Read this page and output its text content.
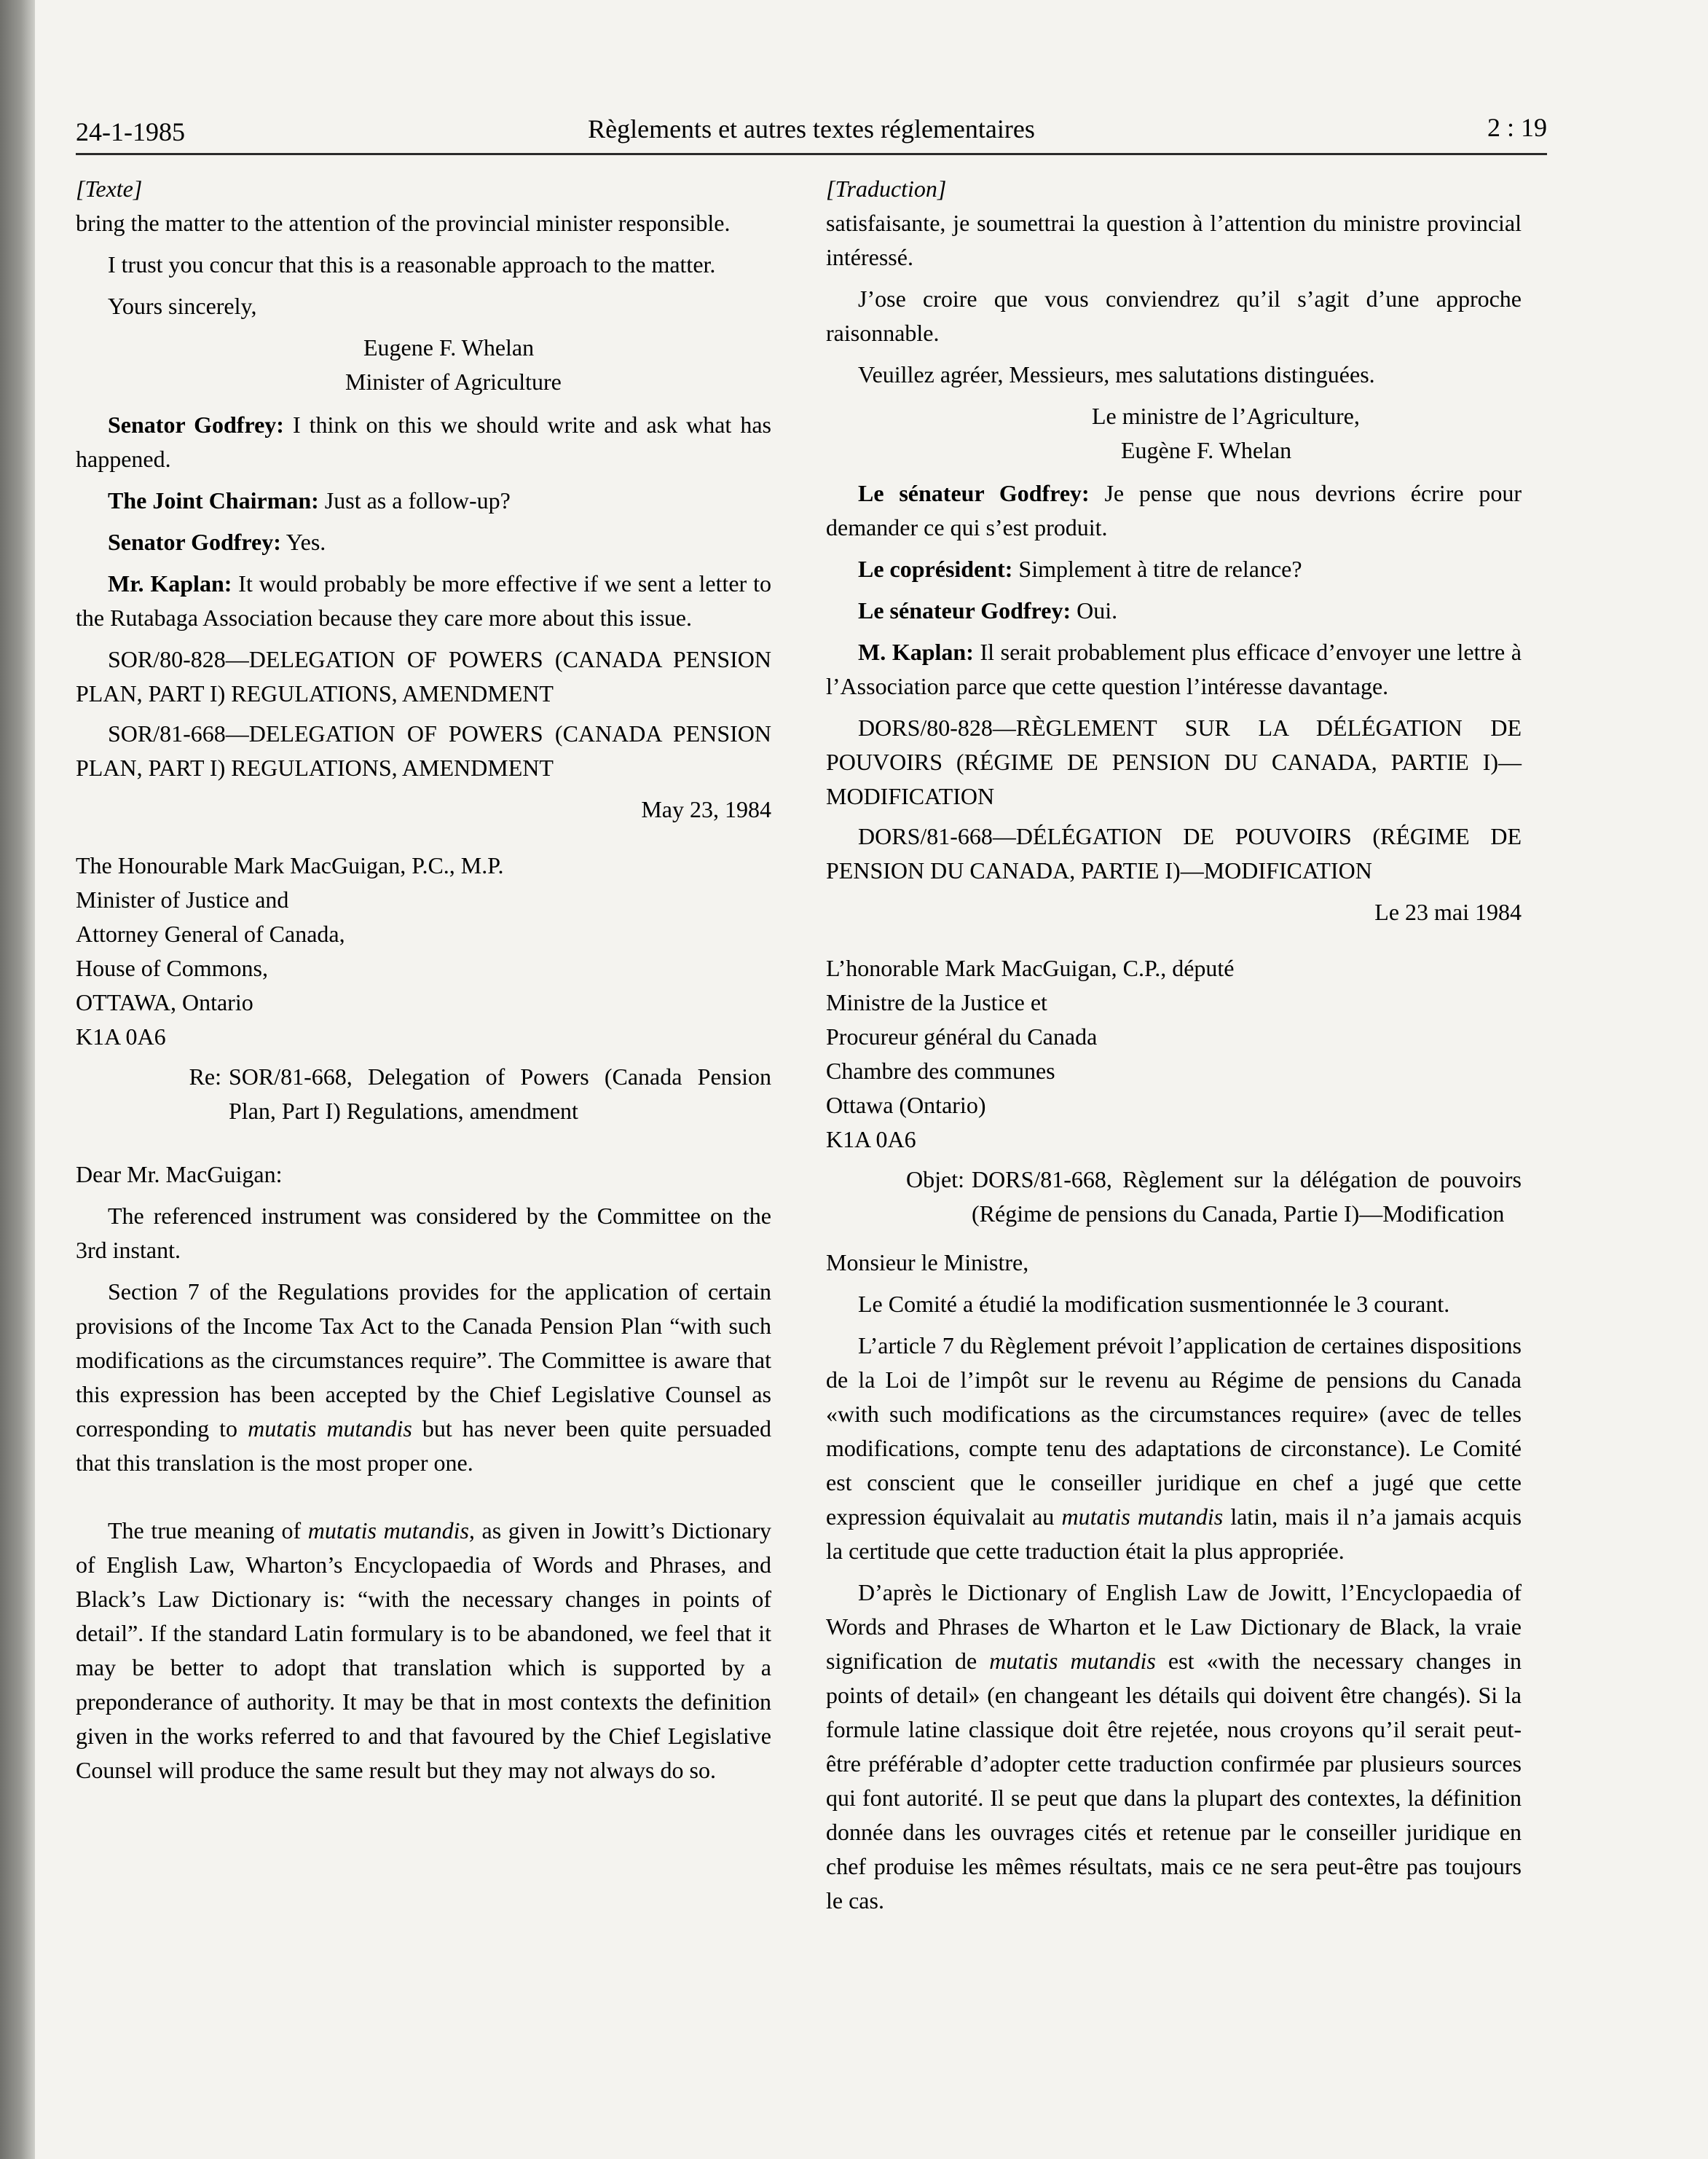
24-1-1985	Règlements et autres textes réglementaires	2 : 19

[Texte]

bring the matter to the attention of the provincial minister responsible.

I trust you concur that this is a reasonable approach to the matter.

Yours sincerely,

Eugene F. Whelan

Minister of Agriculture

Senator Godfrey: I think on this we should write and ask what has happened.

The Joint Chairman: Just as a follow-up?

Senator Godfrey: Yes.

Mr. Kaplan: It would probably be more effective if we sent a letter to the Rutabaga Association because they care more about this issue.

SOR/80-828—DELEGATION OF POWERS (CANADA PENSION PLAN, PART I) REGULATIONS, AMENDMENT

SOR/81-668—DELEGATION OF POWERS (CANADA PENSION PLAN, PART I) REGULATIONS, AMENDMENT

May 23, 1984

The Honourable Mark MacGuigan, P.C., M.P.

Minister of Justice and

Attorney General of Canada,

House of Commons,

OTTAWA, Ontario

K1A 0A6

Re: SOR/81-668, Delegation of Powers (Canada Pension Plan, Part I) Regulations, amendment

Dear Mr. MacGuigan:

The referenced instrument was considered by the Committee on the 3rd instant.

Section 7 of the Regulations provides for the application of certain provisions of the Income Tax Act to the Canada Pension Plan “with such modifications as the circumstances require”. The Committee is aware that this expression has been accepted by the Chief Legislative Counsel as corresponding to mutatis mutandis but has never been quite persuaded that this translation is the most proper one.

The true meaning of mutatis mutandis, as given in Jowitt’s Dictionary of English Law, Wharton’s Encyclopaedia of Words and Phrases, and Black’s Law Dictionary is: “with the necessary changes in points of detail”. If the standard Latin formulary is to be abandoned, we feel that it may be better to adopt that translation which is supported by a preponderance of authority. It may be that in most contexts the definition given in the works referred to and that favoured by the Chief Legislative Counsel will produce the same result but they may not always do so.

[Traduction]

satisfaisante, je soumettrai la question à l’attention du ministre provincial intéressé.

J’ose croire que vous conviendrez qu’il s’agit d’une approche raisonnable.

Veuillez agréer, Messieurs, mes salutations distinguées.

Le ministre de l’Agriculture,

Eugène F. Whelan

Le sénateur Godfrey: Je pense que nous devrions écrire pour demander ce qui s’est produit.

Le coprésident: Simplement à titre de relance?

Le sénateur Godfrey: Oui.

M. Kaplan: Il serait probablement plus efficace d’envoyer une lettre à l’Association parce que cette question l’intéresse davantage.

DORS/80-828—RÈGLEMENT SUR LA DÉLÉGATION DE POUVOIRS (RÉGIME DE PENSION DU CANADA, PARTIE I)—MODIFICATION

DORS/81-668—DÉLÉGATION DE POUVOIRS (RÉGIME DE PENSION DU CANADA, PARTIE I)—MODIFICATION

Le 23 mai 1984

L’honorable Mark MacGuigan, C.P., député

Ministre de la Justice et

Procureur général du Canada

Chambre des communes

Ottawa (Ontario)

K1A 0A6

Objet: DORS/81-668, Règlement sur la délégation de pouvoirs (Régime de pensions du Canada, Partie I)—Modification

Monsieur le Ministre,

Le Comité a étudié la modification susmentionnée le 3 courant.

L’article 7 du Règlement prévoit l’application de certaines dispositions de la Loi de l’impôt sur le revenu au Régime de pensions du Canada «with such modifications as the circumstances require» (avec de telles modifications, compte tenu des adaptations de circonstance). Le Comité est conscient que le conseiller juridique en chef a jugé que cette expression équivalait au mutatis mutandis latin, mais il n’a jamais acquis la certitude que cette traduction était la plus appropriée.

D’après le Dictionary of English Law de Jowitt, l’Encyclopaedia of Words and Phrases de Wharton et le Law Dictionary de Black, la vraie signification de mutatis mutandis est «with the necessary changes in points of detail» (en changeant les détails qui doivent être changés). Si la formule latine classique doit être rejetée, nous croyons qu’il serait peut-être préférable d’adopter cette traduction confirmée par plusieurs sources qui font autorité. Il se peut que dans la plupart des contextes, la définition donnée dans les ouvrages cités et retenue par le conseiller juridique en chef produise les mêmes résultats, mais ce ne sera peut-être pas toujours le cas.
